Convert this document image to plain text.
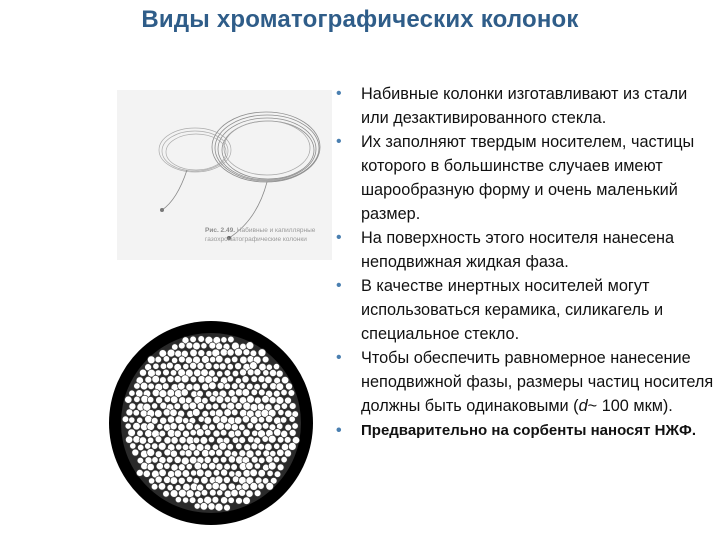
Виды хроматографических колонок
Рис. 2.49. Набивные и капиллярные газохроматографические колонки
• Набивные колонки изготавливают из стали или дезактивированного стекла.
• Их заполняют твердым носителем, частицы которого в большинстве случаев имеют шарообразную форму и очень маленький размер.
• На поверхность этого носителя нанесена неподвижная жидкая фаза.
• В качестве инертных носителей могут использоваться керамика, силикагель и специальное стекло.
• Чтобы обеспечить равномерное нанесение неподвижной фазы, размеры частиц носителя должны быть одинаковыми (d~ 100 мкм).
• Предварительно на сорбенты наносят НЖФ.
